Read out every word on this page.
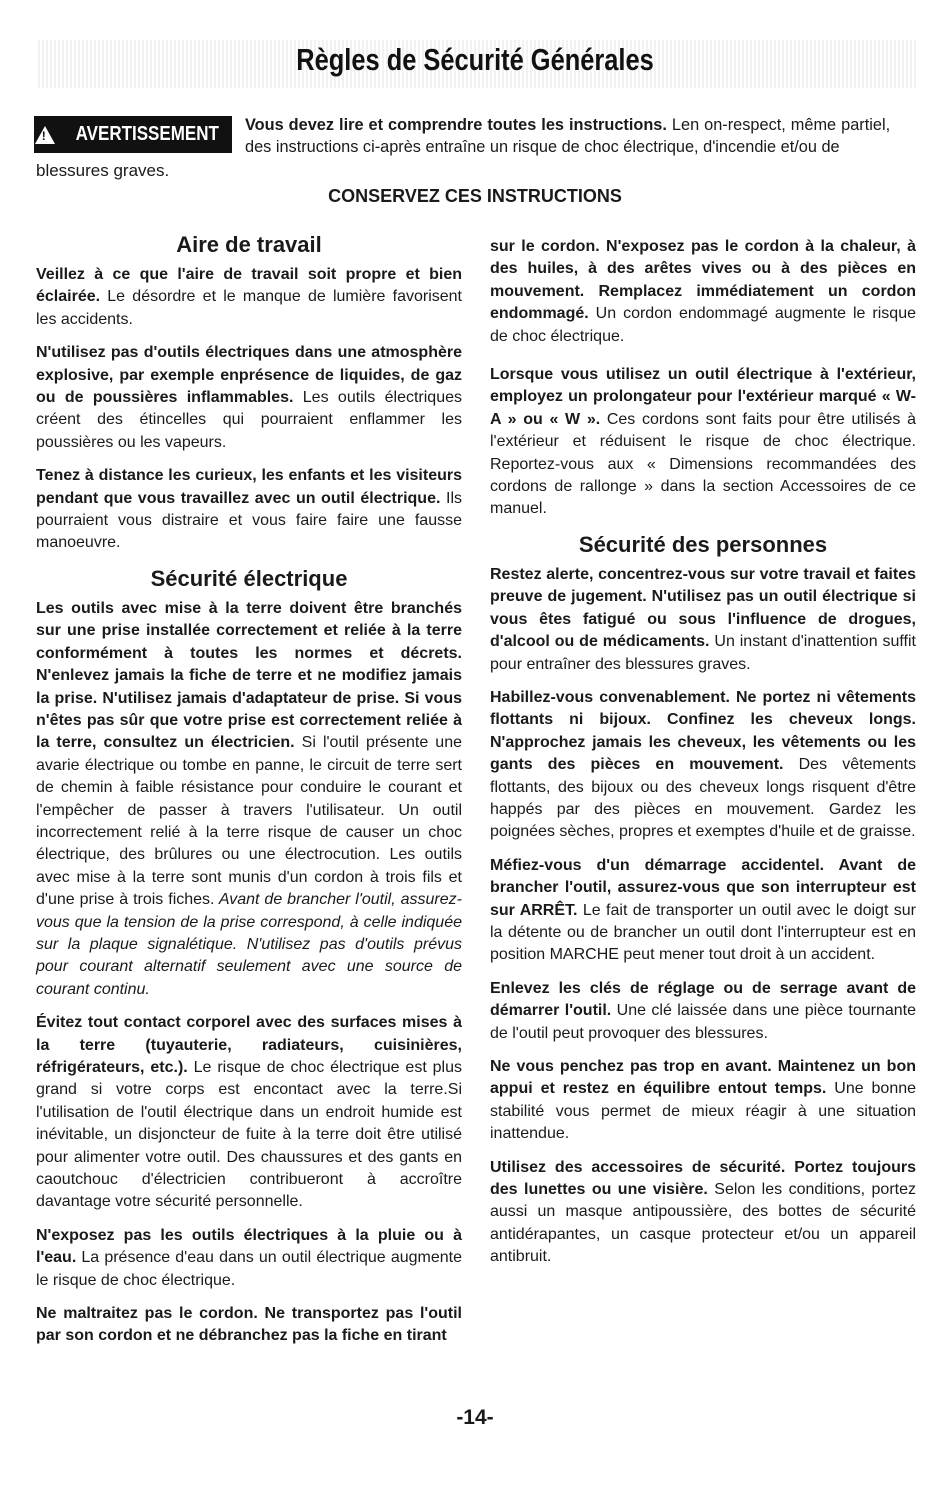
Règles de Sécurité Générales
!
AVERTISSEMENT Vous devez lire et comprendre toutes les instructions. Len on-respect, même partiel, des instructions ci-après entraîne un risque de choc électrique, d'incendie et/ou de
blessures graves.
CONSERVEZ CES INSTRUCTIONS
Aire de travail

Veillez à ce que l'aire de travail soit propre et bien éclairée. Le désordre et le manque de lumière favorisent les accidents.

N'utilisez pas d'outils électriques dans une atmosphère explosive, par exemple enprésence de liquides, de gaz ou de poussières inflammables. Les outils électriques créent des étincelles qui pourraient enflammer les poussières ou les vapeurs.

Tenez à distance les curieux, les enfants et les visiteurs pendant que vous travaillez avec un outil électrique. Ils pourraient vous distraire et vous faire faire une fausse manoeuvre.

Sécurité électrique

Les outils avec mise à la terre doivent être branchés sur une prise installée correctement et reliée à la terre conformément à toutes les normes et décrets. N'enlevez jamais la fiche de terre et ne modifiez jamais la prise. N'utilisez jamais d'adaptateur de prise. Si vous n'êtes pas sûr que votre prise est correctement reliée à la terre, consultez un électricien. Si l'outil présente une avarie électrique ou tombe en panne, le circuit de terre sert de chemin à faible résistance pour conduire le courant et l'empêcher de passer à travers l'utilisateur. Un outil incorrectement relié à la terre risque de causer un choc électrique, des brûlures ou une électrocution. Les outils avec mise à la terre sont munis d'un cordon à trois fils et d'une prise à trois fiches. Avant de brancher l'outil, assurez-vous que la tension de la prise correspond, à celle indiquée sur la plaque signalétique. N'utilisez pas d'outils prévus pour courant alternatif seulement avec une source de courant continu.

Évitez tout contact corporel avec des surfaces mises à la terre (tuyauterie, radiateurs, cuisinières, réfrigérateurs, etc.). Le risque de choc électrique est plus grand si votre corps est encontact avec la terre.Si l'utilisation de l'outil électrique dans un endroit humide est inévitable, un disjoncteur de fuite à la terre doit être utilisé pour alimenter votre outil. Des chaussures et des gants en caoutchouc d'électricien contribueront à accroître davantage votre sécurité personnelle.

N'exposez pas les outils électriques à la pluie ou à l'eau. La présence d'eau dans un outil électrique augmente le risque de choc électrique.

Ne maltraitez pas le cordon. Ne transportez pas l'outil par son cordon et ne débranchez pas la fiche en tirant

sur le cordon. N'exposez pas le cordon à la chaleur, à des huiles, à des arêtes vives ou à des pièces en mouvement. Remplacez immédiatement un cordon endommagé. Un cordon endommagé augmente le risque de choc électrique.

Lorsque vous utilisez un outil électrique à l'extérieur, employez un prolongateur pour l'extérieur marqué « W-A » ou « W ». Ces cordons sont faits pour être utilisés à l'extérieur et réduisent le risque de choc électrique. Reportez-vous aux « Dimensions recommandées des cordons de rallonge » dans la section Accessoires de ce manuel.

Sécurité des personnes

Restez alerte, concentrez-vous sur votre travail et faites preuve de jugement. N'utilisez pas un outil électrique si vous êtes fatigué ou sous l'influence de drogues, d'alcool ou de médicaments. Un instant d'inattention suffit pour entraîner des blessures graves.

Habillez-vous convenablement. Ne portez ni vêtements flottants ni bijoux. Confinez les cheveux longs. N'approchez jamais les cheveux, les vêtements ou les gants des pièces en mouvement. Des vêtements flottants, des bijoux ou des cheveux longs risquent d'être happés par des pièces en mouvement. Gardez les poignées sèches, propres et exemptes d'huile et de graisse.

Méfiez-vous d'un démarrage accidentel. Avant de brancher l'outil, assurez-vous que son interrupteur est sur ARRÊT. Le fait de transporter un outil avec le doigt sur la détente ou de brancher un outil dont l'interrupteur est en position MARCHE peut mener tout droit à un accident.

Enlevez les clés de réglage ou de serrage avant de démarrer l'outil. Une clé laissée dans une pièce tournante de l'outil peut provoquer des blessures.

Ne vous penchez pas trop en avant. Maintenez un bon appui et restez en équilibre entout temps. Une bonne stabilité vous permet de mieux réagir à une situation inattendue.

Utilisez des accessoires de sécurité. Portez toujours des lunettes ou une visière. Selon les conditions, portez aussi un masque antipoussière, des bottes de sécurité antidérapantes, un casque protecteur et/ou un appareil antibruit.

-14-
